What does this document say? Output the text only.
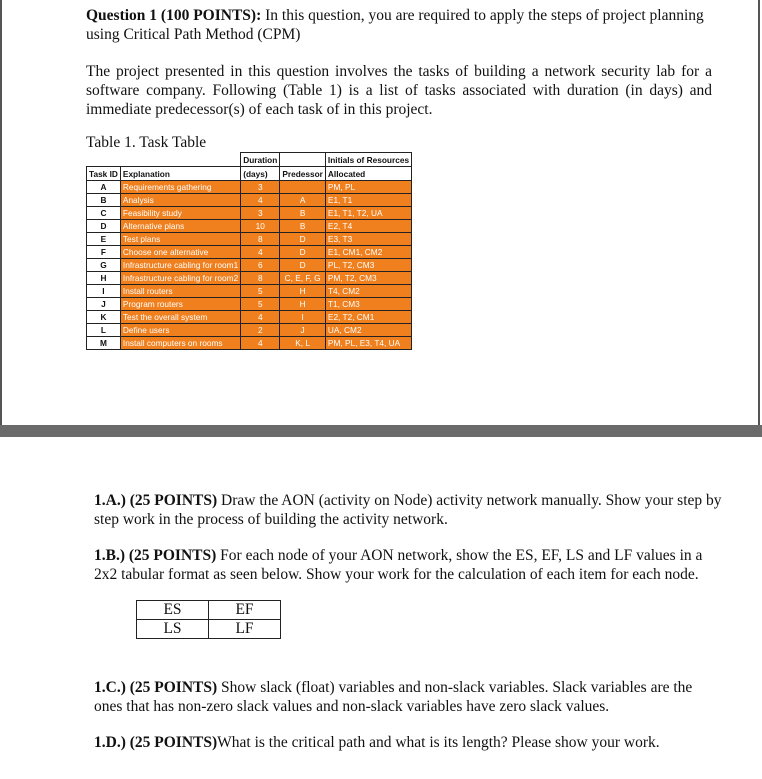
Question 1 (100 POINTS): In this question, you are required to apply the steps of project planning using Critical Path Method (CPM)
The project presented in this question involves the tasks of building a network security lab for a software company. Following (Table 1) is a list of tasks associated with duration (in days) and immediate predecessor(s) of each task of in this project.
Table 1. Task Table
		Duration		Initials of Resources
Task ID	Explanation	(days)	Predessor	Allocated
A	Requirements gathering	3		PM, PL
B	Analysis	4	A	E1, T1
C	Feasibility study	3	B	E1, T1, T2, UA
D	Alternative plans	10	B	E2, T4
E	Test plans	8	D	E3, T3
F	Choose one alternative	4	D	E1, CM1, CM2
G	Infrastructure cabling for room1	6	D	PL, T2, CM3
H	Infrastructure cabling for room2	8	C, E, F, G	PM, T2, CM3
I	Install routers	5	H	T4, CM2
J	Program routers	5	H	T1, CM3
K	Test the overall system	4	I	E2, T2, CM1
L	Define users	2	J	UA, CM2
M	Install computers on rooms	4	K, L	PM, PL, E3, T4, UA
1.A.) (25 POINTS) Draw the AON (activity on Node) activity network manually. Show your step by step work in the process of building the activity network.
1.B.) (25 POINTS) For each node of your AON network, show the ES, EF, LS and LF values in a 2x2 tabular format as seen below. Show your work for the calculation of each item for each node.
ES	EF
LS	LF
1.C.) (25 POINTS) Show slack (float) variables and non-slack variables. Slack variables are the ones that has non-zero slack values and non-slack variables have zero slack values.
1.D.) (25 POINTS)What is the critical path and what is its length? Please show your work.
